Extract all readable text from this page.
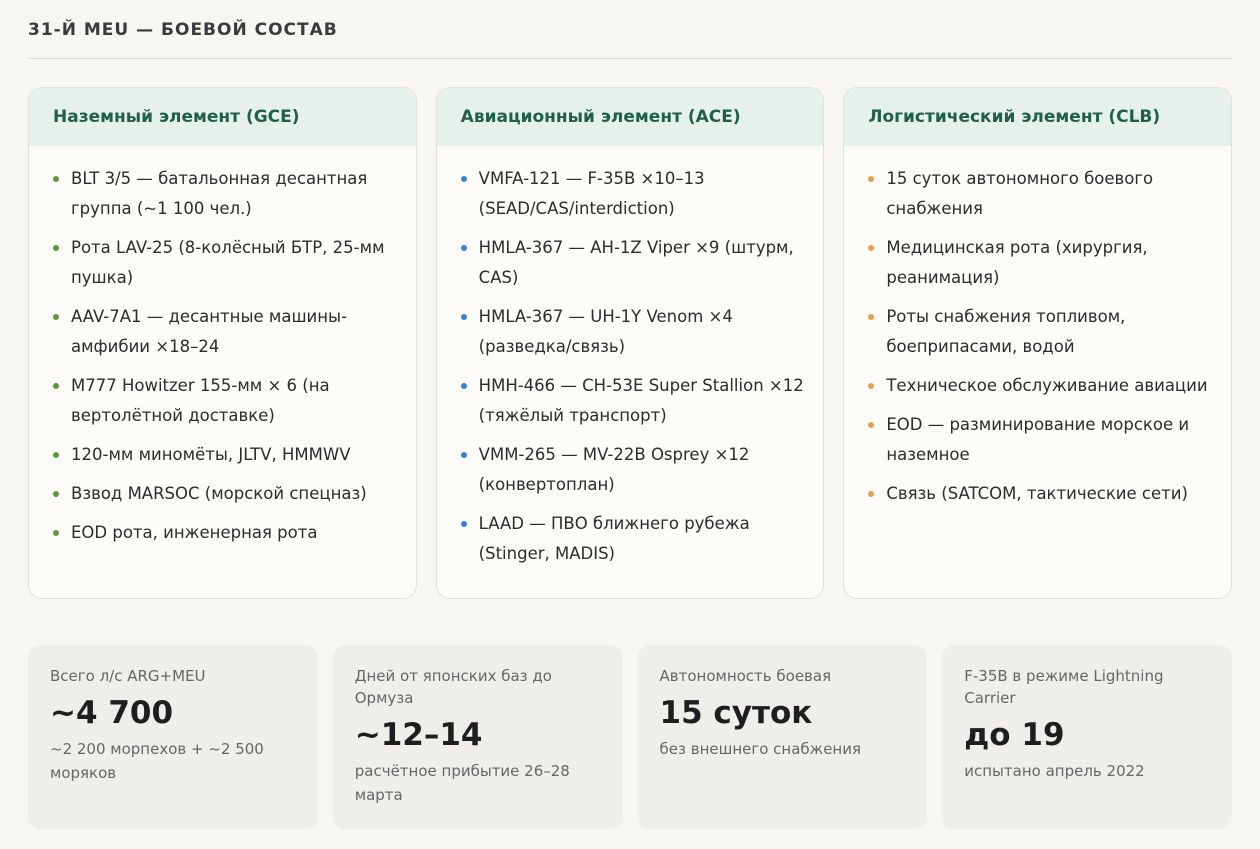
31-Й MEU — БОЕВОЙ СОСТАВ
Наземный элемент (GCE)
BLT 3/5 — батальонная десантная группа (~1 100 чел.)
Рота LAV-25 (8-колёсный БТР, 25-мм пушка)
AAV-7A1 — десантные машины-амфибии ×18–24
M777 Howitzer 155-мм × 6 (на вертолётной доставке)
120-мм миномёты, JLTV, HMMWV
Взвод MARSOC (морской спецназ)
EOD рота, инженерная рота
Авиационный элемент (ACE)
VMFA-121 — F-35B ×10–13 (SEAD/CAS/interdiction)
HMLA-367 — AH-1Z Viper ×9 (штурм, CAS)
HMLA-367 — UH-1Y Venom ×4 (разведка/связь)
HMH-466 — CH-53E Super Stallion ×12 (тяжёлый транспорт)
VMM-265 — MV-22B Osprey ×12 (конвертоплан)
LAAD — ПВО ближнего рубежа (Stinger, MADIS)
Логистический элемент (CLB)
15 суток автономного боевого снабжения
Медицинская рота (хирургия, реанимация)
Роты снабжения топливом, боеприпасами, водой
Техническое обслуживание авиации
EOD — разминирование морское и наземное
Связь (SATCOM, тактические сети)
Всего л/с ARG+MEU
~4 700
~2 200 морпехов + ~2 500 моряков
Дней от японских баз до Ормуза
~12–14
расчётное прибытие 26–28 марта
Автономность боевая
15 суток
без внешнего снабжения
F-35B в режиме Lightning Carrier
до 19
испытано апрель 2022
